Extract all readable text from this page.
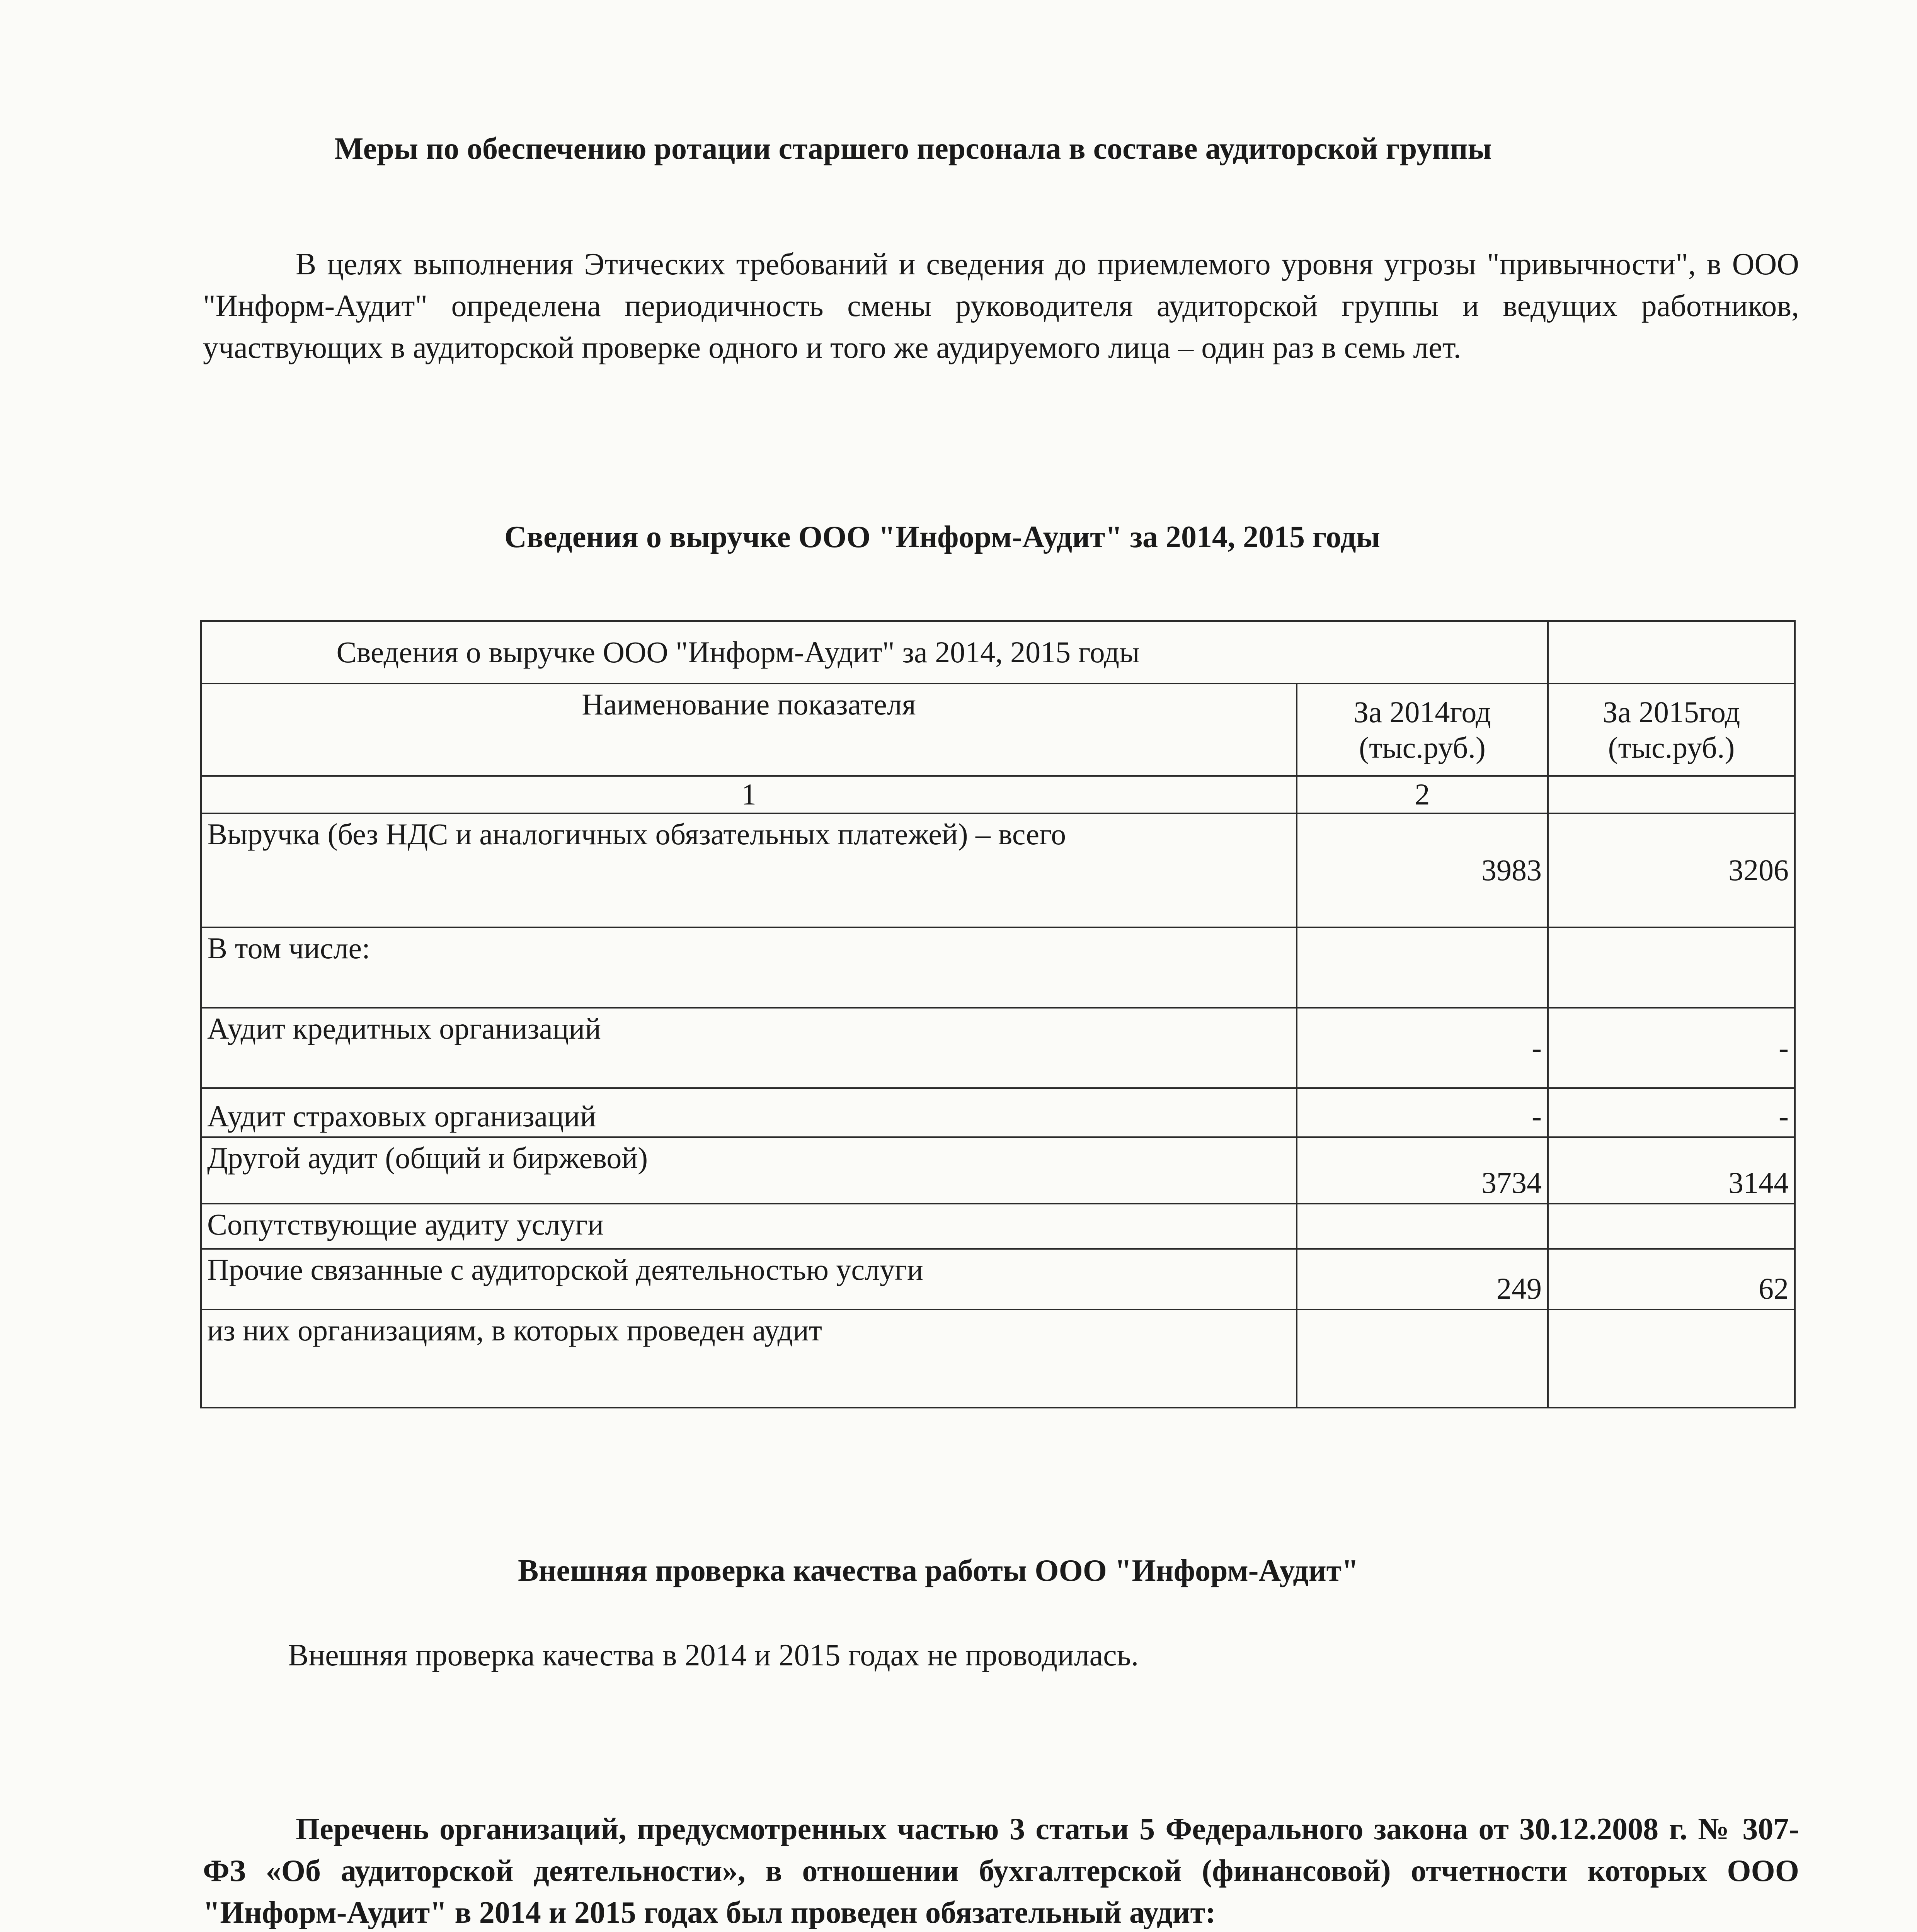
Меры по обеспечению ротации старшего персонала в составе аудиторской группы

В целях выполнения Этических требований и сведения до приемлемого уровня угрозы "привычности", в ООО "Информ-Аудит" определена периодичность смены руководителя аудиторской группы и ведущих работников, участвующих в аудиторской проверке одного и того же аудируемого лица – один раз в семь лет.

Сведения о выручке ООО "Информ-Аудит" за 2014, 2015 годы
Сведения о выручке ООО "Информ-Аудит" за 2014, 2015 годы		
Наименование показателя	За 2014год (тыс.руб.)	За 2015год (тыс.руб.)
1	2	
Выручка (без НДС и аналогичных обязательных платежей) – всего	3983	3206
В том числе:		
Аудит кредитных организаций	-	-
Аудит страховых организаций	-	-
Другой аудит (общий и биржевой)	3734	3144
Сопутствующие аудиту услуги		
Прочие связанные с аудиторской деятельностью услуги	249	62
из них организациям, в которых проведен аудит		
Внешняя проверка качества работы ООО "Информ-Аудит"

Внешняя проверка качества в 2014 и 2015 годах не проводилась.

Перечень организаций, предусмотренных частью 3 статьи 5 Федерального закона от 30.12.2008 г. № 307-ФЗ «Об аудиторской деятельности», в отношении бухгалтерской (финансовой) отчетности которых ООО "Информ-Аудит" в 2014 и 2015 годах был проведен обязательный аудит:
